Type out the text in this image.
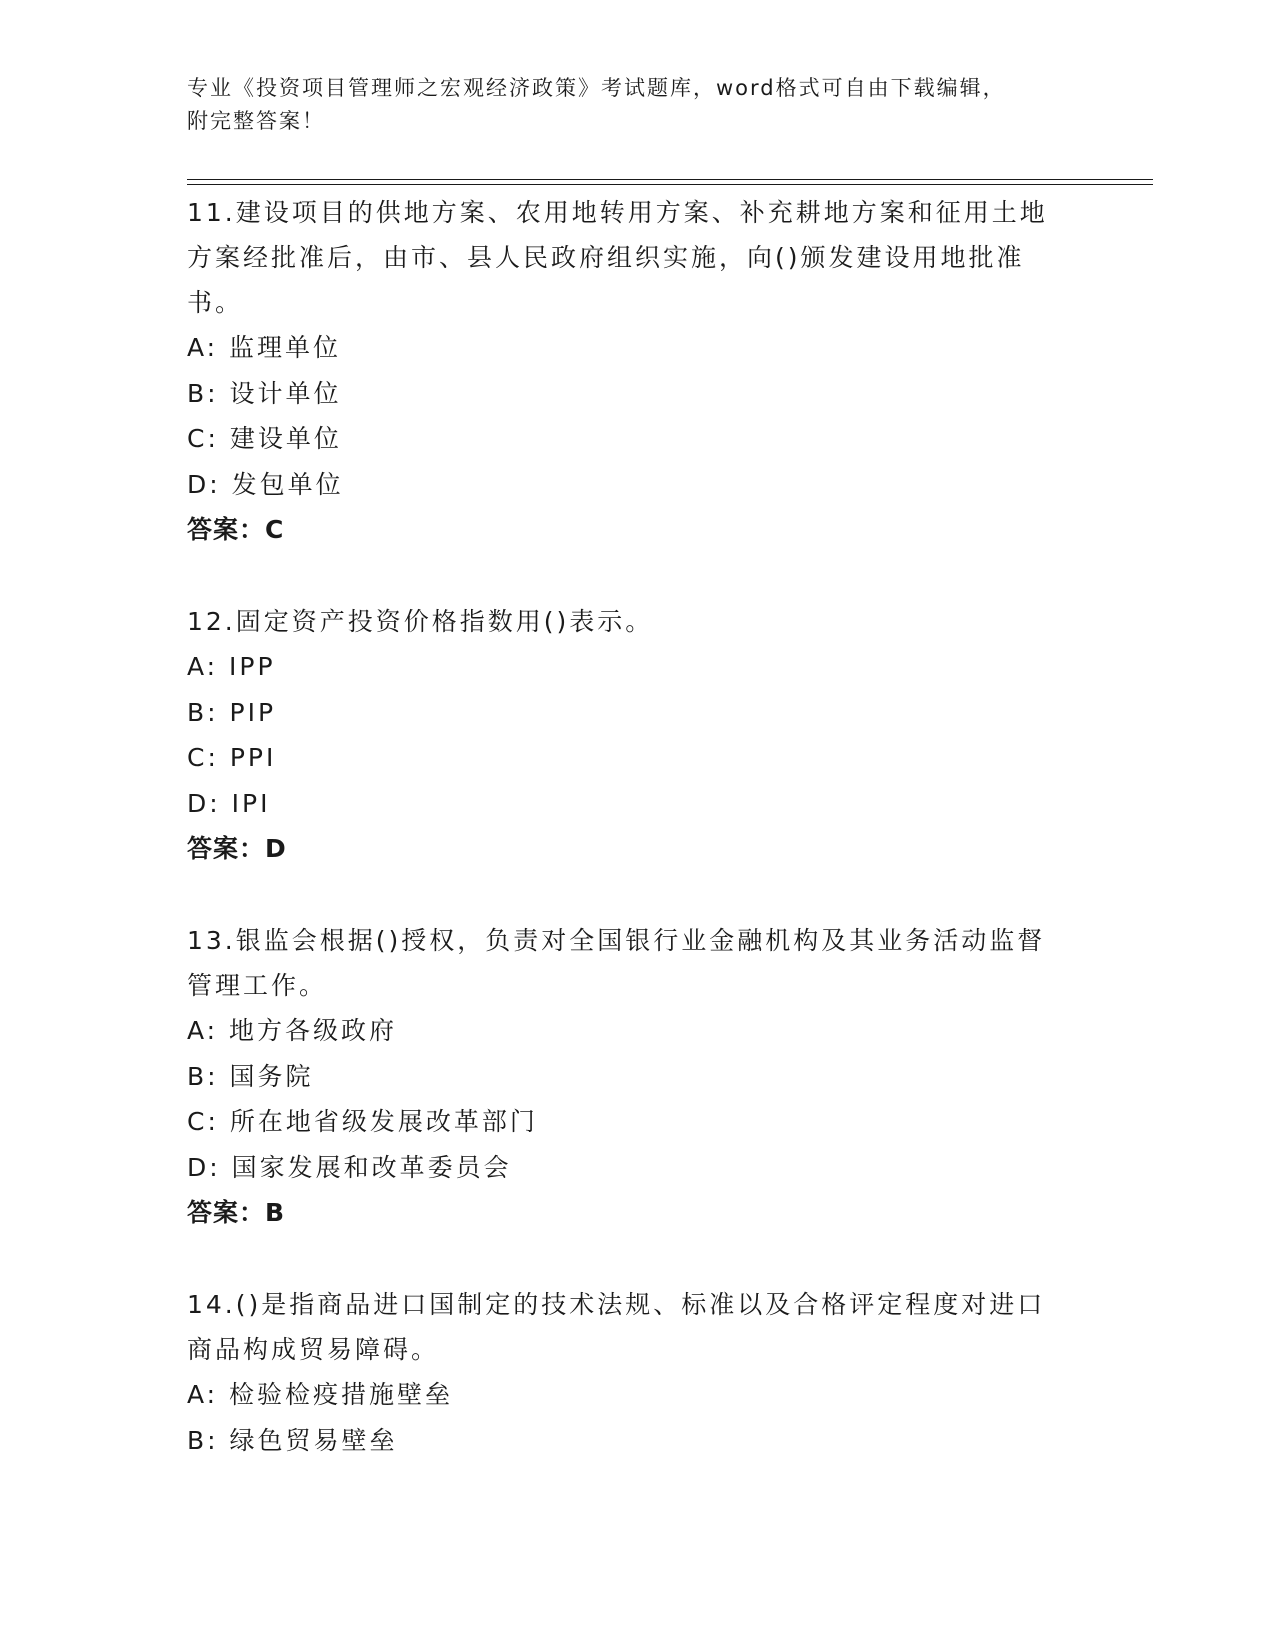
专业《投资项目管理师之宏观经济政策》考试题库，word格式可自由下载编辑，
附完整答案！

11.建设项目的供地方案、农用地转用方案、补充耕地方案和征用土地

方案经批准后，由市、县人民政府组织实施，向()颁发建设用地批准

书。

A: 监理单位

B: 设计单位

C: 建设单位

D: 发包单位

答案：C

12.固定资产投资价格指数用()表示。

A: IPP

B: PIP

C: PPI

D: IPI

答案：D

13.银监会根据()授权，负责对全国银行业金融机构及其业务活动监督

管理工作。

A: 地方各级政府

B: 国务院

C: 所在地省级发展改革部门

D: 国家发展和改革委员会

答案：B

14.()是指商品进口国制定的技术法规、标准以及合格评定程度对进口

商品构成贸易障碍。

A: 检验检疫措施壁垒

B: 绿色贸易壁垒
